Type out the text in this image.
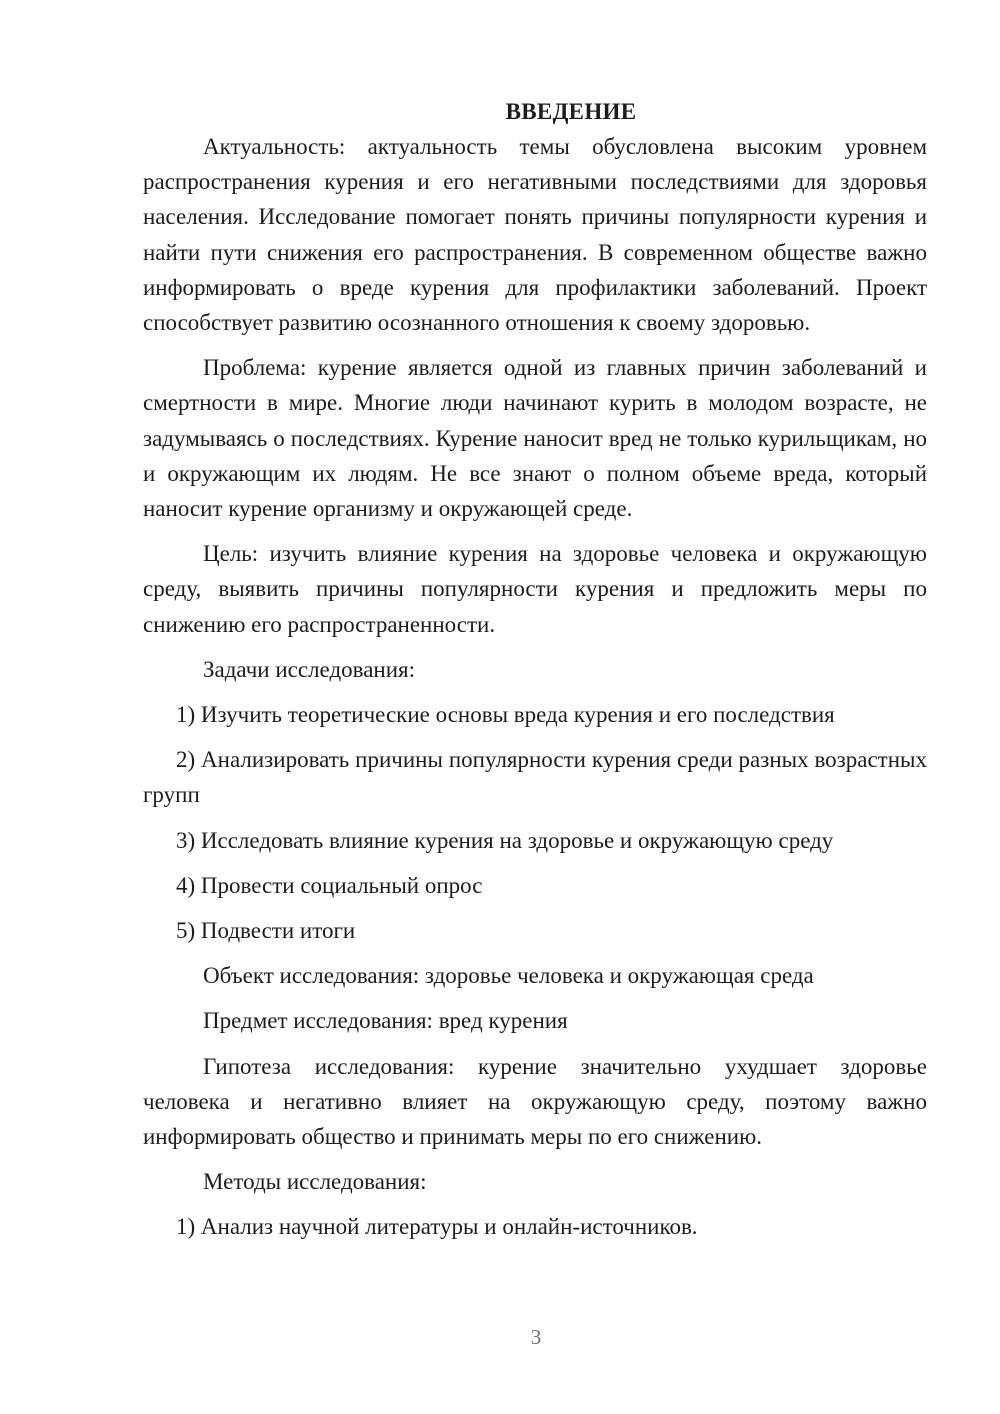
ВВЕДЕНИЕ

Актуальность: актуальность темы обусловлена высоким уровнем распространения курения и его негативными последствиями для здоровья населения. Исследование помогает понять причины популярности курения и найти пути снижения его распространения. В современном обществе важно информировать о вреде курения для профилактики заболеваний. Проект способствует развитию осознанного отношения к своему здоровью.

Проблема: курение является одной из главных причин заболеваний и смертности в мире. Многие люди начинают курить в молодом возрасте, не задумываясь о последствиях. Курение наносит вред не только курильщикам, но и окружающим их людям. Не все знают о полном объеме вреда, который наносит курение организму и окружающей среде.

Цель: изучить влияние курения на здоровье человека и окружающую среду, выявить причины популярности курения и предложить меры по снижению его распространенности.

Задачи исследования:

1) Изучить теоретические основы вреда курения и его последствия

2) Анализировать причины популярности курения среди разных возрастных групп

3) Исследовать влияние курения на здоровье и окружающую среду

4) Провести социальный опрос

5) Подвести итоги

Объект исследования: здоровье человека и окружающая среда

Предмет исследования: вред курения

Гипотеза исследования: курение значительно ухудшает здоровье человека и негативно влияет на окружающую среду, поэтому важно информировать общество и принимать меры по его снижению.

Методы исследования:

1) Анализ научной литературы и онлайн-источников.

3
